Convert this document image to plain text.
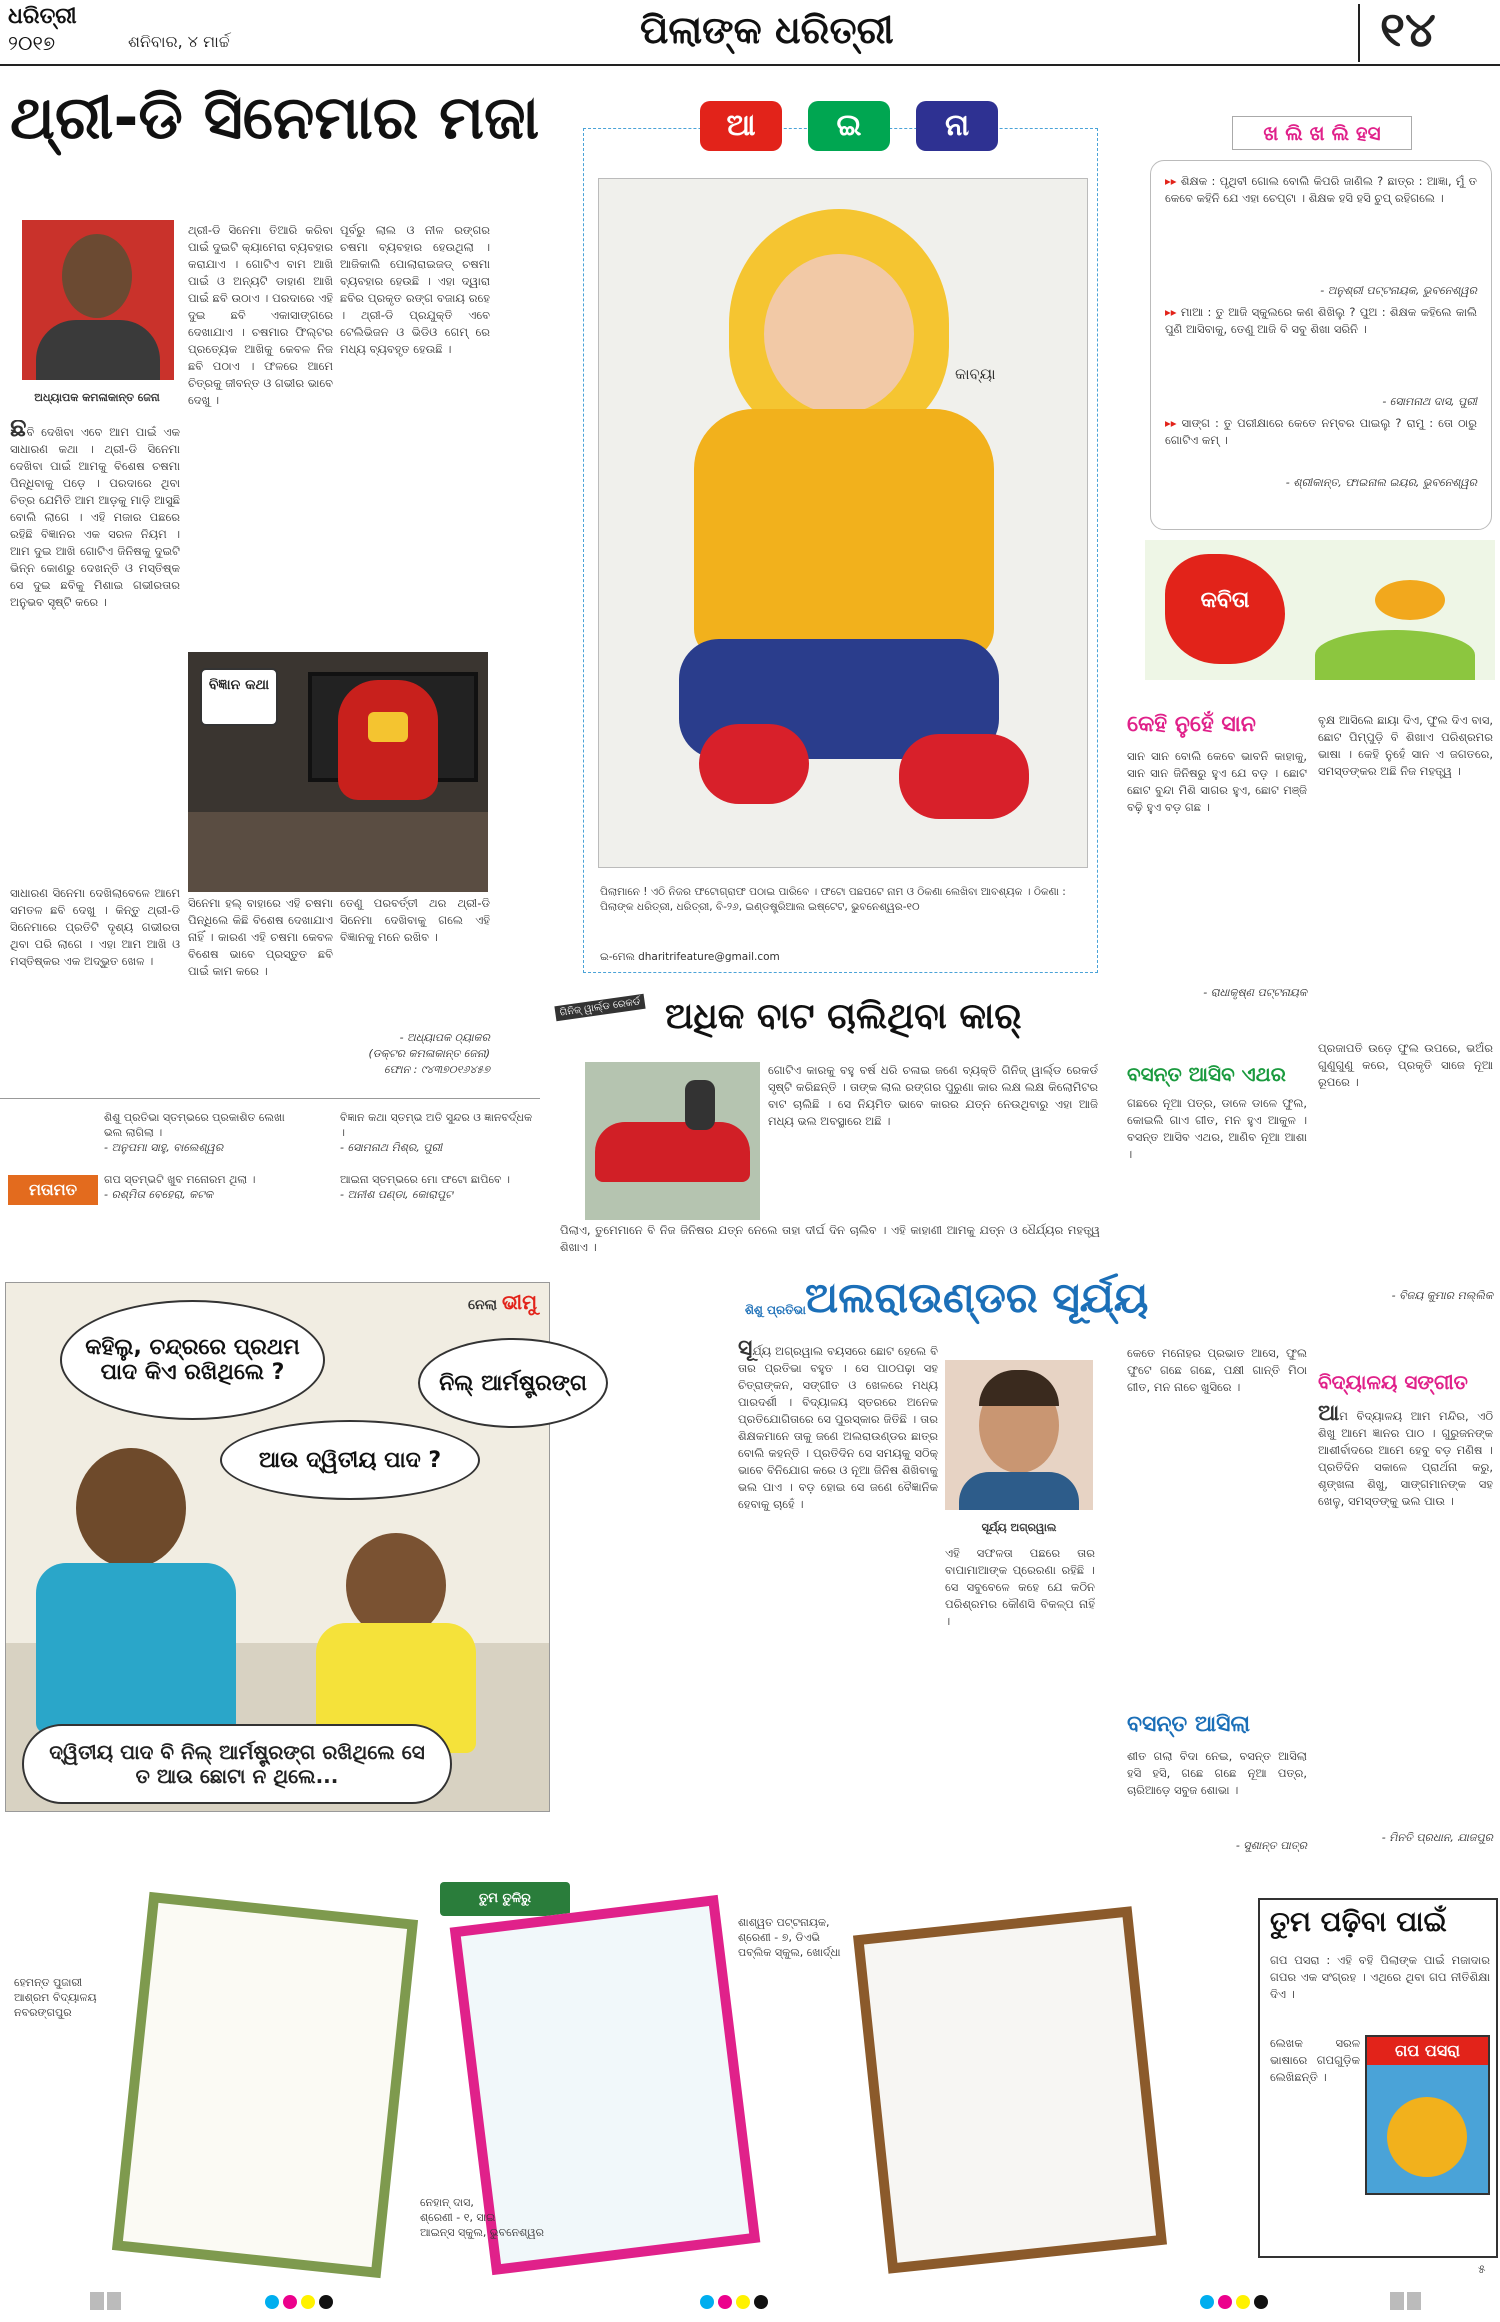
ଧରିତ୍ରୀ
୨୦୧୭	ଶନିବାର, ୪ ମାର୍ଚ୍ଚ	ପିଲାଙ୍କ ଧରିତ୍ରୀ	୧୪
ଥ୍ରୀ-ଡି ସିନେମାର ମଜା
ଅଧ୍ୟାପକ କମଳାକାନ୍ତ ଜେନା
ଛବି ଦେଖିବା ଏବେ ଆମ ପାଇଁ ଏକ ସାଧାରଣ କଥା । ଥ୍ରୀ-ଡି ସିନେମା ଦେଖିବା ପାଇଁ ଆମକୁ ବିଶେଷ ଚଷମା ପିନ୍ଧିବାକୁ ପଡ଼େ । ପରଦାରେ ଥିବା ଚିତ୍ର ଯେମିତି ଆମ ଆଡ଼କୁ ମାଡ଼ି ଆସୁଛି ବୋଲି ଲାଗେ । ଏହି ମଜାର ପଛରେ ରହିଛି ବିଜ୍ଞାନର ଏକ ସରଳ ନିୟମ । ଆମ ଦୁଇ ଆଖି ଗୋଟିଏ ଜିନିଷକୁ ଦୁଇଟି ଭିନ୍ନ କୋଣରୁ ଦେଖନ୍ତି ଓ ମସ୍ତିଷ୍କ ସେ ଦୁଇ ଛବିକୁ ମିଶାଇ ଗଭୀରତାର ଅନୁଭବ ସୃଷ୍ଟି କରେ ।
ଥ୍ରୀ-ଡି ସିନେମା ତିଆରି କରିବା ପାଇଁ ଦୁଇଟି କ୍ୟାମେରା ବ୍ୟବହାର କରାଯାଏ । ଗୋଟିଏ ବାମ ଆଖି ପାଇଁ ଓ ଅନ୍ୟଟି ଡାହାଣ ଆଖି ପାଇଁ ଛବି ଉଠାଏ । ପରଦାରେ ଏହି ଦୁଇ ଛବି ଏକାସାଙ୍ଗରେ ଦେଖାଯାଏ । ଚଷମାର ଫିଲ୍ଟର ପ୍ରତ୍ୟେକ ଆଖିକୁ କେବଳ ନିଜ ଛବି ପଠାଏ । ଫଳରେ ଆମେ ଚିତ୍ରକୁ ଜୀବନ୍ତ ଓ ଗଭୀର ଭାବେ ଦେଖୁ ।
ପୂର୍ବରୁ ଲାଲ ଓ ନୀଳ ରଙ୍ଗର ଚଷମା ବ୍ୟବହାର ହେଉଥିଲା । ଆଜିକାଲି ପୋଲାରାଇଜଡ୍ ଚଷମା ବ୍ୟବହାର ହେଉଛି । ଏହା ଦ୍ୱାରା ଛବିର ପ୍ରକୃତ ରଙ୍ଗ ବଜାୟ ରହେ । ଥ୍ରୀ-ଡି ପ୍ରଯୁକ୍ତି ଏବେ ଟେଲିଭିଜନ ଓ ଭିଡିଓ ଗେମ୍ ରେ ମଧ୍ୟ ବ୍ୟବହୃତ ହେଉଛି ।
ବିଜ୍ଞାନ କଥା
ସାଧାରଣ ସିନେମା ଦେଖିଲାବେଳେ ଆମେ ସମତଳ ଛବି ଦେଖୁ । କିନ୍ତୁ ଥ୍ରୀ-ଡି ସିନେମାରେ ପ୍ରତିଟି ଦୃଶ୍ୟ ଗଭୀରତା ଥିବା ପରି ଲାଗେ । ଏହା ଆମ ଆଖି ଓ ମସ୍ତିଷ୍କର ଏକ ଅଦ୍ଭୁତ ଖେଳ ।
ସିନେମା ହଲ୍ ବାହାରେ ଏହି ଚଷମା ପିନ୍ଧିଲେ କିଛି ବିଶେଷ ଦେଖାଯାଏ ନାହିଁ । କାରଣ ଏହି ଚଷମା କେବଳ ବିଶେଷ ଭାବେ ପ୍ରସ୍ତୁତ ଛବି ପାଇଁ କାମ କରେ ।
ତେଣୁ ପରବର୍ତ୍ତୀ ଥର ଥ୍ରୀ-ଡି ସିନେମା ଦେଖିବାକୁ ଗଲେ ଏହି ବିଜ୍ଞାନକୁ ମନେ ରଖିବ ।
- ଅଧ୍ୟାପକ ଠ୍ୟାକର
(ଡକ୍ଟର କମଳାକାନ୍ତ ଜେନା)
ଫୋନ : ୯୪୩୭୦୧୬୪୫୭
ମତାମତ
ଶିଶୁ ପ୍ରତିଭା ସ୍ତମ୍ଭରେ ପ୍ରକାଶିତ ଲେଖା ଭଲ ଲାଗିଲା ।
- ଅନୁପମା ସାହୁ, ବାଲେଶ୍ୱର
ବିଜ୍ଞାନ କଥା ସ୍ତମ୍ଭ ଅତି ସୁନ୍ଦର ଓ ଜ୍ଞାନବର୍ଦ୍ଧକ ।
- ସୋମନାଥ ମିଶ୍ର, ପୁରୀ
ଗପ ସ୍ତମ୍ଭଟି ଖୁବ ମନୋରମ ଥିଲା ।
- ରଶ୍ମିତା ବେହେରା, କଟକ
ଆଇନା ସ୍ତମ୍ଭରେ ମୋ ଫଟୋ ଛାପିବେ ।
- ଅନୀଶ ପଣ୍ଡା, କୋରାପୁଟ
ନେଲା ଭୀମୁ
କହିଲୁ, ଚନ୍ଦ୍ରରେ ପ୍ରଥମ ପାଦ କିଏ ରଖିଥିଲେ ?	ନିଲ୍ ଆର୍ମଷ୍ଟ୍ରଙ୍ଗ
ଆଉ ଦ୍ୱିତୀୟ ପାଦ ?
ଦ୍ୱିତୀୟ ପାଦ ବି ନିଲ୍ ଆର୍ମଷ୍ଟ୍ରଙ୍ଗ ରଖିଥିଲେ ସେ ତ ଆଉ ଛୋଟା ନ ଥିଲେ...
ଆ	ଇ	ନା
କାବ୍ୟା
ପିଲାମାନେ ! ଏଠି ନିଜର ଫଟୋଗ୍ରାଫ ପଠାଇ ପାରିବେ । ଫଟୋ ପଛପଟେ ନାମ ଓ ଠିକଣା ଲେଖିବା ଆବଶ୍ୟକ । ଠିକଣା : ପିଲାଙ୍କ ଧରିତ୍ରୀ, ଧରିତ୍ରୀ, ବି-୨୬, ଇଣ୍ଡଷ୍ଟ୍ରିଆଲ ଇଷ୍ଟେଟ, ଭୁବନେଶ୍ୱର-୧୦
ଇ-ମେଲ dharitrifeature@gmail.com
ଗିନିଜ୍ ୱାର୍ଲ୍ଡ ରେକର୍ଡ ଅଧିକ ବାଟ ଚାଲିଥିବା କାର୍
ଗୋଟିଏ କାରକୁ ବହୁ ବର୍ଷ ଧରି ଚଳାଇ ଜଣେ ବ୍ୟକ୍ତି ଗିନିଜ୍ ୱାର୍ଲ୍ଡ ରେକର୍ଡ ସୃଷ୍ଟି କରିଛନ୍ତି । ତାଙ୍କ ଲାଲ ରଙ୍ଗର ପୁରୁଣା କାର ଲକ୍ଷ ଲକ୍ଷ କିଲୋମିଟର ବାଟ ଚାଲିଛି । ସେ ନିୟମିତ ଭାବେ କାରର ଯତ୍ନ ନେଉଥିବାରୁ ଏହା ଆଜି ମଧ୍ୟ ଭଲ ଅବସ୍ଥାରେ ଅଛି ।
ପିଲାଏ, ତୁମେମାନେ ବି ନିଜ ଜିନିଷର ଯତ୍ନ ନେଲେ ତାହା ଦୀର୍ଘ ଦିନ ଚାଲିବ । ଏହି କାହାଣୀ ଆମକୁ ଯତ୍ନ ଓ ଧୈର୍ଯ୍ୟର ମହତ୍ତ୍ୱ ଶିଖାଏ ।
ଶିଶୁ ପ୍ରତିଭା ଅଲରାଉଣ୍ଡର ସୂର୍ଯ୍ୟ
ସୂର୍ଯ୍ୟ ଅଗ୍ରୱାଲ ବୟସରେ ଛୋଟ ହେଲେ ବି ତାର ପ୍ରତିଭା ବହୁତ । ସେ ପାଠପଢ଼ା ସହ ଚିତ୍ରାଙ୍କନ, ସଙ୍ଗୀତ ଓ ଖେଳରେ ମଧ୍ୟ ପାରଦର୍ଶୀ । ବିଦ୍ୟାଳୟ ସ୍ତରରେ ଅନେକ ପ୍ରତିଯୋଗିତାରେ ସେ ପୁରସ୍କାର ଜିତିଛି । ତାର ଶିକ୍ଷକମାନେ ତାକୁ ଜଣେ ଅଲରାଉଣ୍ଡର ଛାତ୍ର ବୋଲି କହନ୍ତି । ପ୍ରତିଦିନ ସେ ସମୟକୁ ସଠିକ୍ ଭାବେ ବିନିଯୋଗ କରେ ଓ ନୂଆ ଜିନିଷ ଶିଖିବାକୁ ଭଲ ପାଏ । ବଡ଼ ହୋଇ ସେ ଜଣେ ବୈଜ୍ଞାନିକ ହେବାକୁ ଚାହେଁ ।
ସୂର୍ଯ୍ୟ ଅଗ୍ରୱାଲ
ଏହି ସଫଳତା ପଛରେ ତାର ବାପାମାଆଙ୍କ ପ୍ରେରଣା ରହିଛି । ସେ ସବୁବେଳେ କହେ ଯେ କଠିନ ପରିଶ୍ରମର କୌଣସି ବିକଳ୍ପ ନାହିଁ ।
ଖ ଲି ଖ ଲି ହସ
▸▸ ଶିକ୍ଷକ : ପୃଥିବୀ ଗୋଲ ବୋଲି କିପରି ଜାଣିଲ ? ଛାତ୍ର : ଆଜ୍ଞା, ମୁଁ ତ କେବେ କହିନି ଯେ ଏହା ଚେପ୍ଟା । ଶିକ୍ଷକ ହସି ହସି ଚୁପ୍ ରହିଗଲେ ।
- ଅନୁଶ୍ରୀ ପଟ୍ଟନାୟକ, ଭୁବନେଶ୍ୱର
▸▸ ମାଆ : ତୁ ଆଜି ସ୍କୁଲରେ କଣ ଶିଖିଲୁ ? ପୁଅ : ଶିକ୍ଷକ କହିଲେ କାଲି ପୁଣି ଆସିବାକୁ, ତେଣୁ ଆଜି ବି ସବୁ ଶିଖା ସରିନି ।
- ସୋମନାଥ ଦାସ, ପୁରୀ
▸▸ ସାଙ୍ଗ : ତୁ ପରୀକ୍ଷାରେ କେତେ ନମ୍ବର ପାଇଲୁ ? ରାମୁ : ତୋ ଠାରୁ ଗୋଟିଏ କମ୍ ।
- ଶ୍ରୀକାନ୍ତ, ଫାଇନାଲ ଇୟର, ଭୁବନେଶ୍ୱର
କବିତା
କେହି ନୁହେଁ ସାନ
ସାନ ସାନ ବୋଲି କେବେ ଭାବନି କାହାକୁ, ସାନ ସାନ ଜିନିଷରୁ ହୁଏ ଯେ ବଡ଼ । ଛୋଟ ଛୋଟ ବୁନ୍ଦା ମିଶି ସାଗର ହୁଏ, ଛୋଟ ମଞ୍ଜି ବଢ଼ି ହୁଏ ବଡ଼ ଗଛ ।
- ରାଧାକୃଷ୍ଣ ପଟ୍ଟନାୟକ
ବୃକ୍ଷ ଆସିଲେ ଛାୟା ଦିଏ, ଫୁଲ ଦିଏ ବାସ, ଛୋଟ ପିମ୍ପୁଡ଼ି ବି ଶିଖାଏ ପରିଶ୍ରମର ଭାଷା । କେହି ନୁହେଁ ସାନ ଏ ଜଗତରେ, ସମସ୍ତଙ୍କର ଅଛି ନିଜ ମହତ୍ତ୍ୱ ।
ବସନ୍ତ ଆସିବ ଏଥର
ଗଛରେ ନୂଆ ପତ୍ର, ଡାଳେ ଡାଳେ ଫୁଲ, କୋଇଲି ଗାଏ ଗୀତ, ମନ ହୁଏ ଆକୁଳ । ବସନ୍ତ ଆସିବ ଏଥର, ଆଣିବ ନୂଆ ଆଶା ।
ପ୍ରଜାପତି ଉଡ଼େ ଫୁଲ ଉପରେ, ଭଅଁର ଗୁଣୁଗୁଣୁ କରେ, ପ୍ରକୃତି ସାଜେ ନୂଆ ରୂପରେ ।
- ବିଜୟ କୁମାର ମଲ୍ଲିକ
ବସନ୍ତ ଆସିଲା
ଶୀତ ଗଲା ବିଦା ନେଇ, ବସନ୍ତ ଆସିଲା ହସି ହସି, ଗଛେ ଗଛେ ନୂଆ ପତ୍ର, ଚାରିଆଡ଼େ ସବୁଜ ଶୋଭା ।
- ସୁଶାନ୍ତ ପାତ୍ର
କେତେ ମନୋହର ପ୍ରଭାତ ଆସେ, ଫୁଲ ଫୁଟେ ଗଛେ ଗଛେ, ପକ୍ଷୀ ଗାନ୍ତି ମିଠା ଗୀତ, ମନ ନାଚେ ଖୁସିରେ ।	ବିଦ୍ୟାଳୟ ସଙ୍ଗୀତ
ଆମ ବିଦ୍ୟାଳୟ ଆମ ମନ୍ଦିର, ଏଠି ଶିଖୁ ଆମେ ଜ୍ଞାନର ପାଠ । ଗୁରୁଜନଙ୍କ ଆଶୀର୍ବାଦରେ ଆମେ ହେବୁ ବଡ଼ ମଣିଷ । ପ୍ରତିଦିନ ସକାଳେ ପ୍ରାର୍ଥନା କରୁ, ଶୃଙ୍ଖଳା ଶିଖୁ, ସାଙ୍ଗମାନଙ୍କ ସହ ଖେଳୁ, ସମସ୍ତଙ୍କୁ ଭଲ ପାଉ ।
- ମିନତି ପ୍ରଧାନ, ଯାଜପୁର
ତୁମ ତୁଳିରୁ
ହେମନ୍ତ ପୁଜାରୀ
ଆଶ୍ରମ ବିଦ୍ୟାଳୟ
ନବରଙ୍ଗପୁର
ନେହାନ୍ ଦାସ,
ଶ୍ରେଣୀ - ୧, ସାଇ
ଆଇନ୍ସ ସ୍କୁଲ, ଭୁବନେଶ୍ୱର
ଶାଶ୍ୱତ ପଟ୍ଟନାୟକ,
ଶ୍ରେଣୀ - ୭, ଡିଏଭି
ପବ୍ଲିକ ସ୍କୁଲ, ଖୋର୍ଦ୍ଧା
ତୁମ ପଢ଼ିବା ପାଇଁ
ଗପ ପସରା : ଏହି ବହି ପିଲାଙ୍କ ପାଇଁ ମଜାଦାର ଗପର ଏକ ସଂଗ୍ରହ । ଏଥିରେ ଥିବା ଗପ ନୀତିଶିକ୍ଷା ଦିଏ ।
ଲେଖକ ସରଳ ଭାଷାରେ ଗପଗୁଡ଼ିକ ଲେଖିଛନ୍ତି ।
ଗପ ପସରା
୫
